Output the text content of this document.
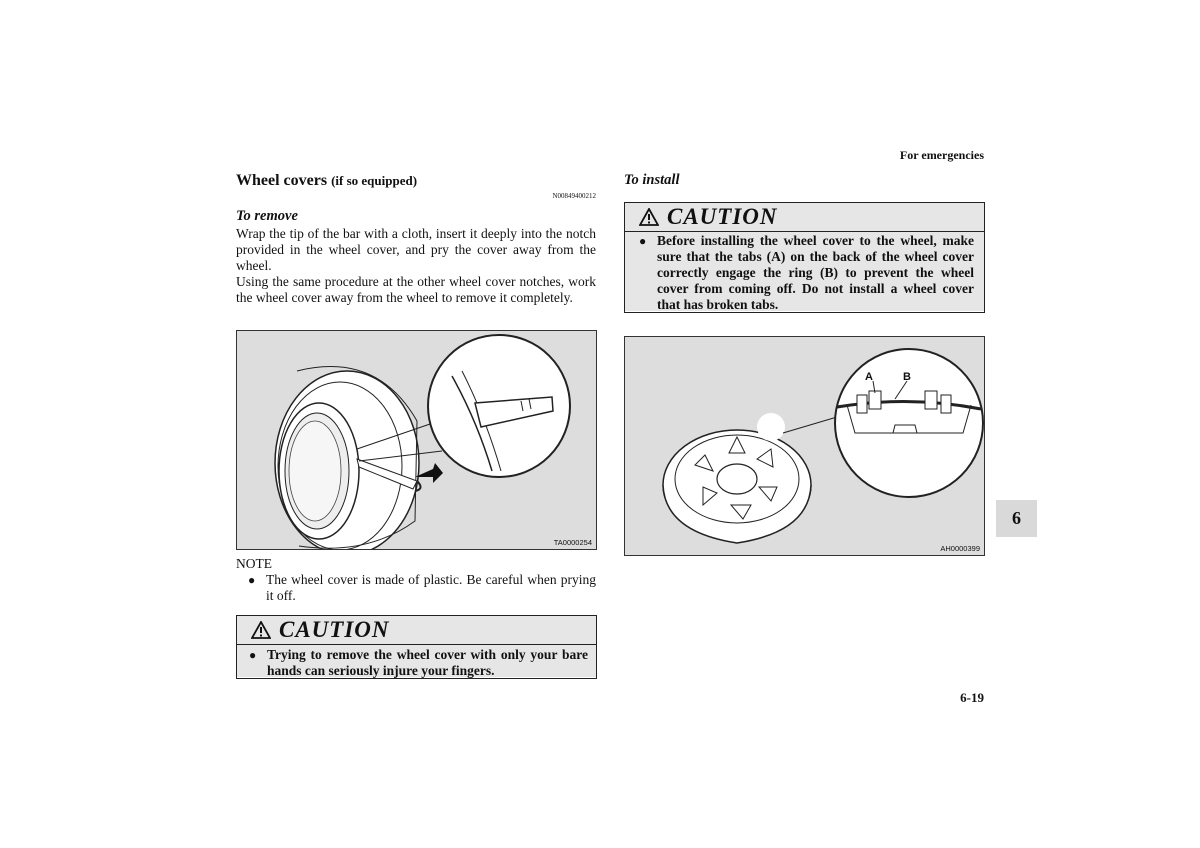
For emergencies
Wheel covers (if so equipped)
N00849400212
To remove
Wrap the tip of the bar with a cloth, insert it deeply into the notch provided in the wheel cover, and pry the cover away from the wheel.
Using the same procedure at the other wheel cover notches, work the wheel cover away from the wheel to remove it completely.
TA0000254
NOTE
● The wheel cover is made of plastic. Be careful when prying it off.
CAUTION
● Trying to remove the wheel cover with only your bare hands can seriously injure your fingers.
To install
CAUTION
● Before installing the wheel cover to the wheel, make sure that the tabs (A) on the back of the wheel cover correctly engage the ring (B) to prevent the wheel cover from coming off. Do not install a wheel cover that has broken tabs.
A	B
AH0000399
6
6-19
